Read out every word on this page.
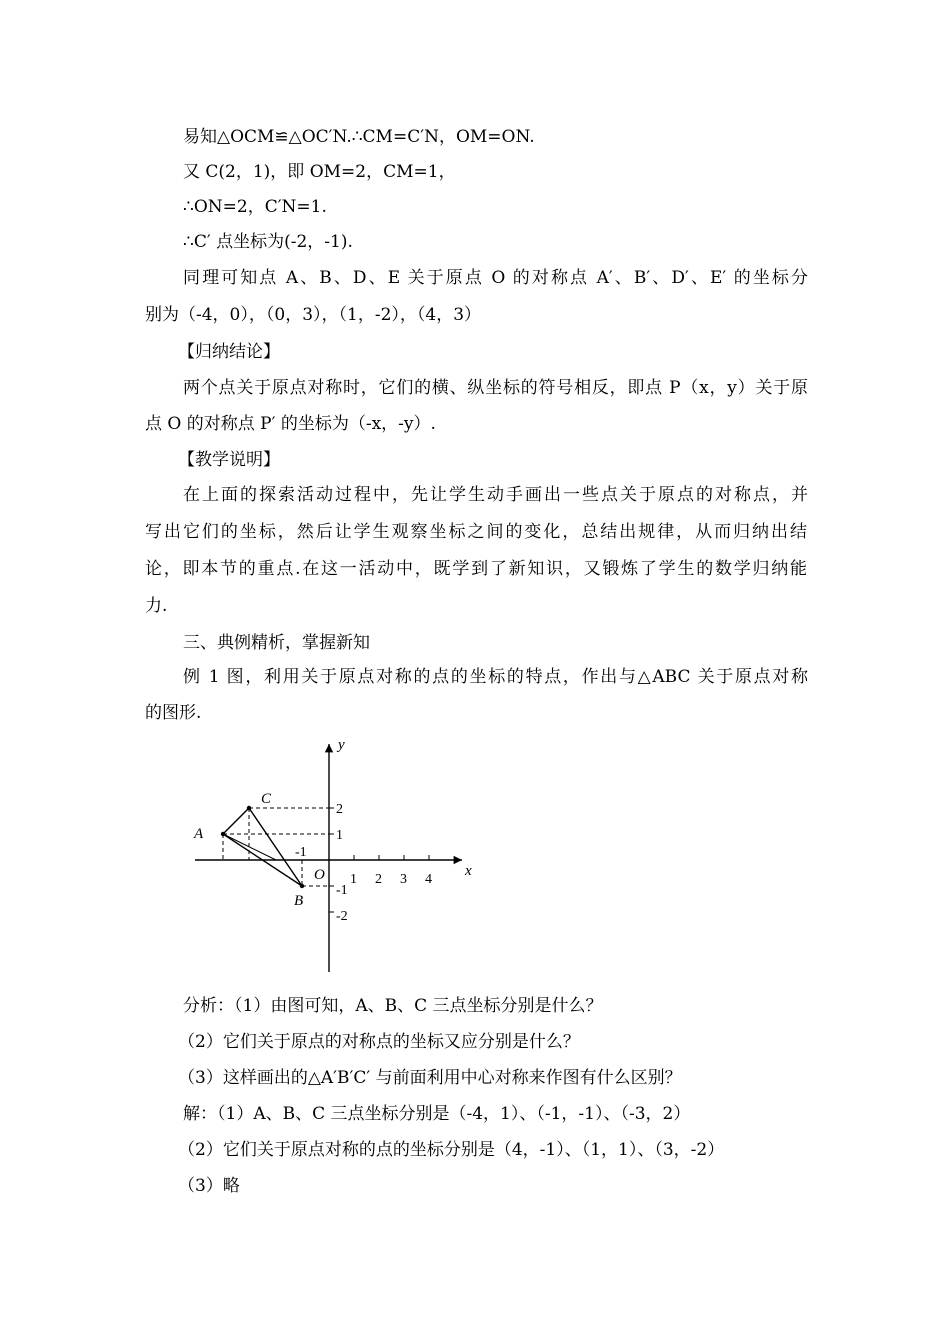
易知△OCM≌△OC′N.∴CM=C′N，OM=ON.
又 C(2，1)，即 OM=2，CM=1，
∴ON=2，C′N=1.
∴C′ 点坐标为(-2，-1).
同理可知点 A、B、D、E 关于原点 O 的对称点 A′、B′、D′、E′ 的坐标分
别为（-4，0），（0，3），（1，-2），（4，3）
【归纳结论】
两个点关于原点对称时，它们的横、纵坐标的符号相反，即点 P（x，y）关于原
点 O 的对称点 P′ 的坐标为（-x，-y）.
【教学说明】
在上面的探索活动过程中，先让学生动手画出一些点关于原点的对称点，并
写出它们的坐标，然后让学生观察坐标之间的变化，总结出规律，从而归纳出结
论，即本节的重点.在这一活动中，既学到了新知识，又锻炼了学生的数学归纳能
力.
三、典例精析，掌握新知
例 1 图，利用关于原点对称的点的坐标的特点，作出与△ABC 关于原点对称
的图形.
A
B
C
O	x
y
-1
1 2 3 4
2
1
-1
-2
分析：（1）由图可知，A、B、C 三点坐标分别是什么？
（2）它们关于原点的对称点的坐标又应分别是什么？
（3）这样画出的△A′B′C′ 与前面利用中心对称来作图有什么区别？
解：（1）A、B、C 三点坐标分别是（-4，1）、（-1，-1）、（-3，2）
（2）它们关于原点对称的点的坐标分别是（4，-1）、（1，1）、（3，-2）
（3）略
